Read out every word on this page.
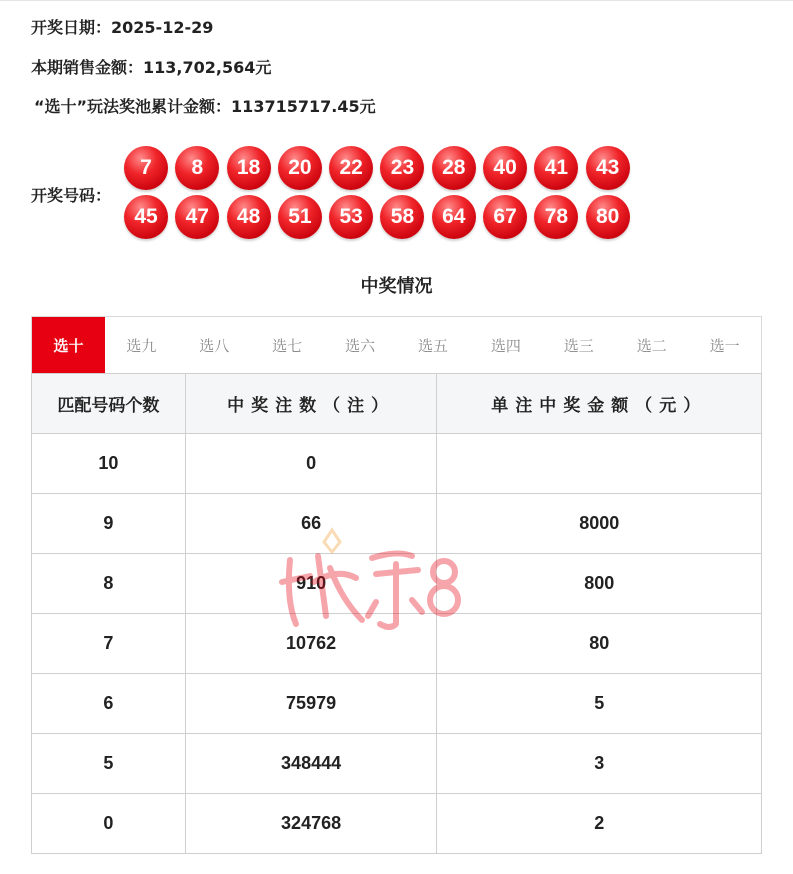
开奖日期：2025-12-29
本期销售金额：113,702,564元
“选十”玩法奖池累计金额：113715717.45元
开奖号码：
7	8	18	20	22	23	28	40	41	43
45	47	48	51	53	58	64	67	78	80
中奖情况
选十	选九	选八	选七	选六	选五	选四	选三	选二	选一
匹配号码个数	中奖注数（注）	单注中奖金额（元）
10	0	
9	66	8000
8	910	800
7	10762	80
6	75979	5
5	348444	3
0	324768	2
